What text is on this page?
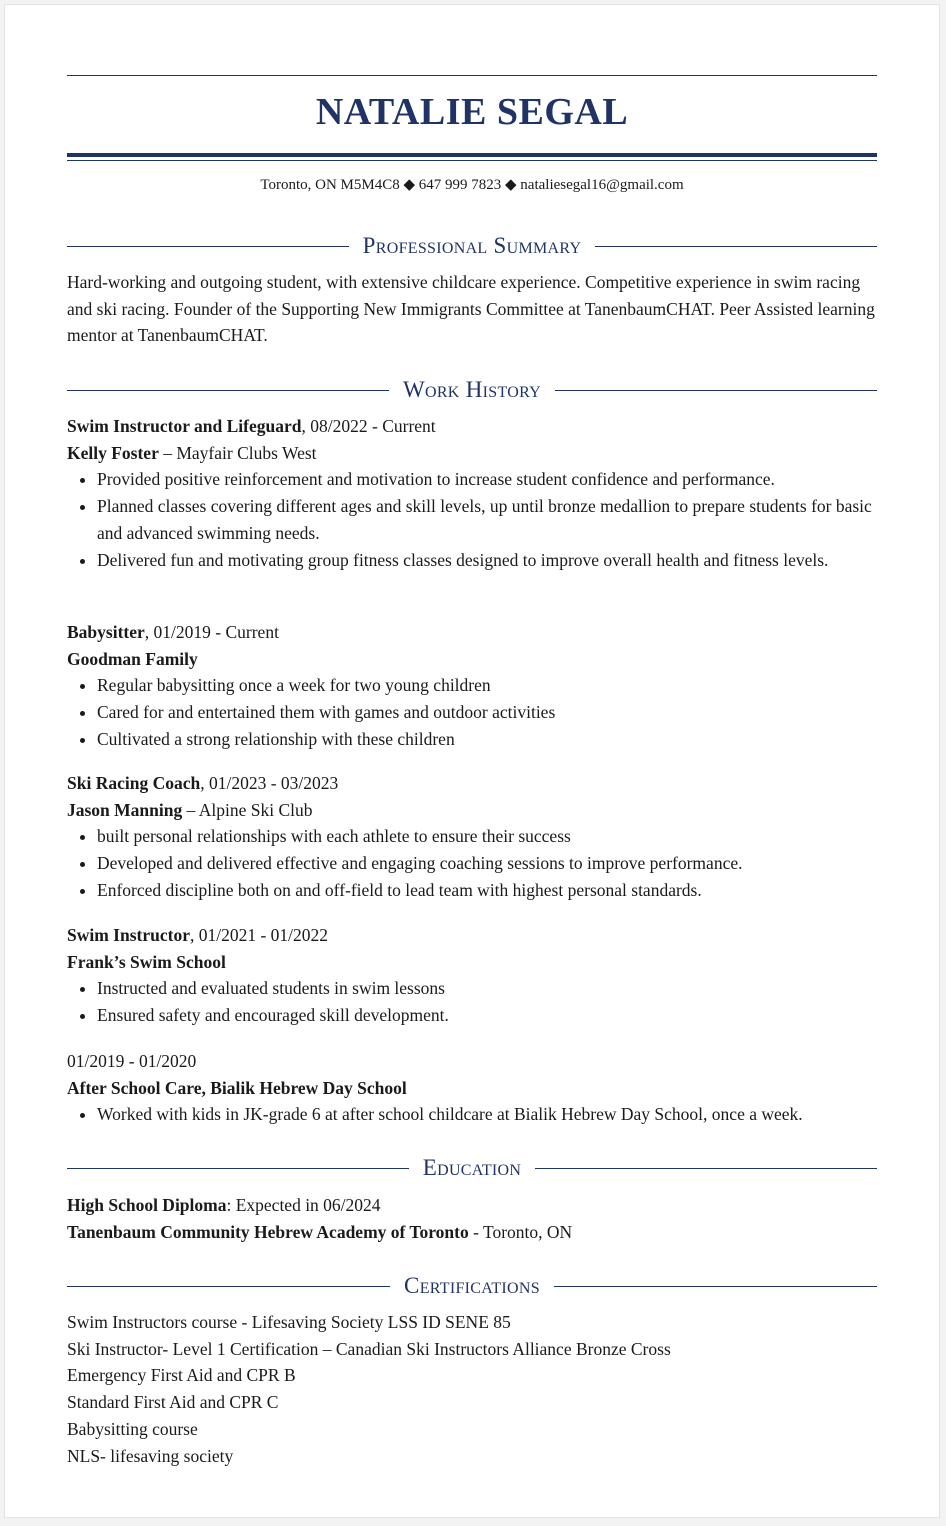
NATALIE SEGAL
Toronto, ON M5M4C8 ◆ 647 999 7823 ◆ nataliesegal16@gmail.com
Professional Summary

Hard-working and outgoing student, with extensive childcare experience. Competitive experience in swim racing and ski racing. Founder of the Supporting New Immigrants Committee at TanenbaumCHAT. Peer Assisted learning mentor at TanenbaumCHAT.

Work History

Swim Instructor and Lifeguard, 08/2022 - Current

Kelly Foster – Mayfair Clubs West

• Provided positive reinforcement and motivation to increase student confidence and performance.
• Planned classes covering different ages and skill levels, up until bronze medallion to prepare students for basic and advanced swimming needs.
• Delivered fun and motivating group fitness classes designed to improve overall health and fitness levels.

Babysitter, 01/2019 - Current

Goodman Family

• Regular babysitting once a week for two young children
• Cared for and entertained them with games and outdoor activities
• Cultivated a strong relationship with these children

Ski Racing Coach, 01/2023 - 03/2023

Jason Manning – Alpine Ski Club

• built personal relationships with each athlete to ensure their success
• Developed and delivered effective and engaging coaching sessions to improve performance.
• Enforced discipline both on and off-field to lead team with highest personal standards.

Swim Instructor, 01/2021 - 01/2022

Frank’s Swim School

• Instructed and evaluated students in swim lessons
• Ensured safety and encouraged skill development.

01/2019 - 01/2020

After School Care, Bialik Hebrew Day School

• Worked with kids in JK-grade 6 at after school childcare at Bialik Hebrew Day School, once a week.
Education

High School Diploma: Expected in 06/2024

Tanenbaum Community Hebrew Academy of Toronto - Toronto, ON

Certifications

Swim Instructors course - Lifesaving Society LSS ID SENE 85

Ski Instructor- Level 1 Certification – Canadian Ski Instructors Alliance Bronze Cross

Emergency First Aid and CPR B

Standard First Aid and CPR C

Babysitting course

NLS- lifesaving society
